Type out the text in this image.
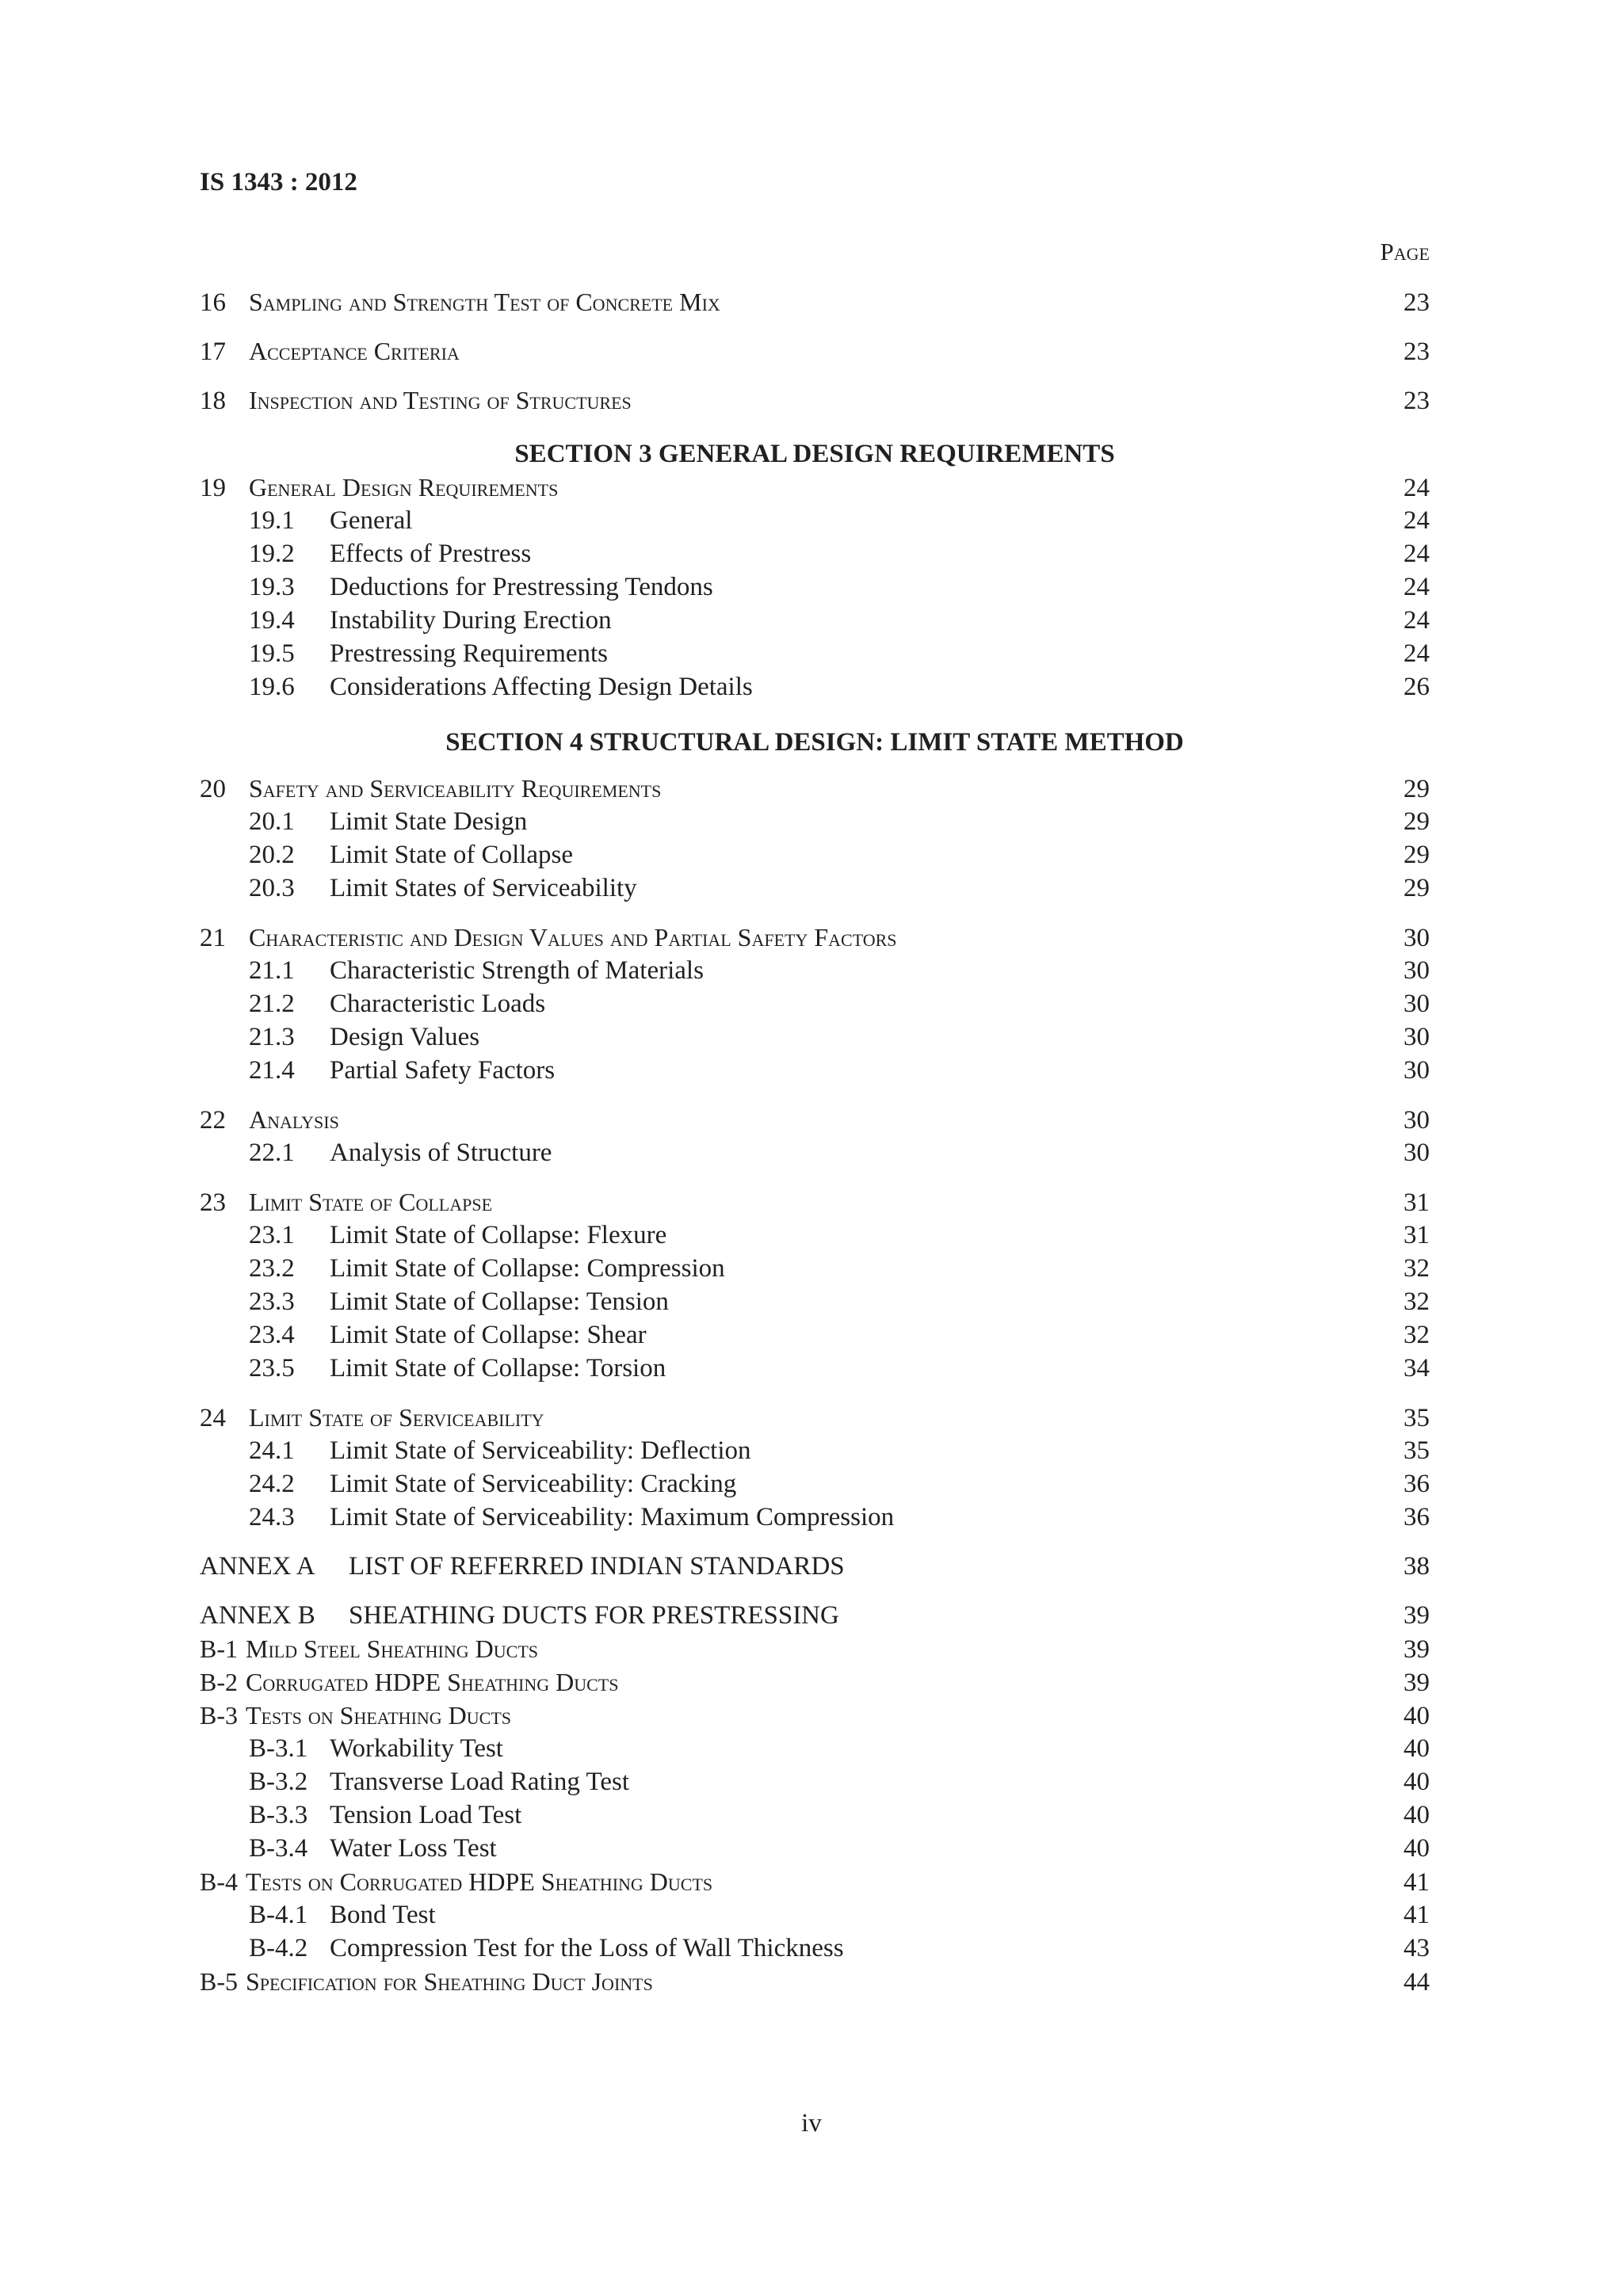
IS 1343 : 2012
Page
16 Sampling and Strength Test of Concrete Mix	23
17 Acceptance Criteria	23
18 Inspection and Testing of Structures	23
SECTION 3 GENERAL DESIGN REQUIREMENTS
19 General Design Requirements	24
19.1	General	24
19.2	Effects of Prestress	24
19.3	Deductions for Prestressing Tendons	24
19.4	Instability During Erection	24
19.5	Prestressing Requirements	24
19.6	Considerations Affecting Design Details	26
SECTION 4 STRUCTURAL DESIGN: LIMIT STATE METHOD
20 Safety and Serviceability Requirements	29
20.1	Limit State Design	29
20.2	Limit State of Collapse	29
20.3	Limit States of Serviceability	29
21 Characteristic and Design Values and Partial Safety Factors	30
21.1	Characteristic Strength of Materials	30
21.2	Characteristic Loads	30
21.3	Design Values	30
21.4	Partial Safety Factors	30
22 Analysis	30
22.1	Analysis of Structure	30
23 Limit State of Collapse	31
23.1	Limit State of Collapse: Flexure	31
23.2	Limit State of Collapse: Compression	32
23.3	Limit State of Collapse: Tension	32
23.4	Limit State of Collapse: Shear	32
23.5	Limit State of Collapse: Torsion	34
24 Limit State of Serviceability	35
24.1	Limit State of Serviceability: Deflection	35
24.2	Limit State of Serviceability: Cracking	36
24.3	Limit State of Serviceability: Maximum Compression	36
ANNEX A	LIST OF REFERRED INDIAN STANDARDS	38
ANNEX B	SHEATHING DUCTS FOR PRESTRESSING	39
B-1 Mild Steel Sheathing Ducts	39
B-2 Corrugated HDPE Sheathing Ducts	39
B-3 Tests on Sheathing Ducts	40
B-3.1 Workability Test	40
B-3.2 Transverse Load Rating Test	40
B-3.3 Tension Load Test	40
B-3.4 Water Loss Test	40
B-4 Tests on Corrugated HDPE Sheathing Ducts	41
B-4.1 Bond Test	41
B-4.2 Compression Test for the Loss of Wall Thickness	43
B-5 Specification for Sheathing Duct Joints	44
iv
